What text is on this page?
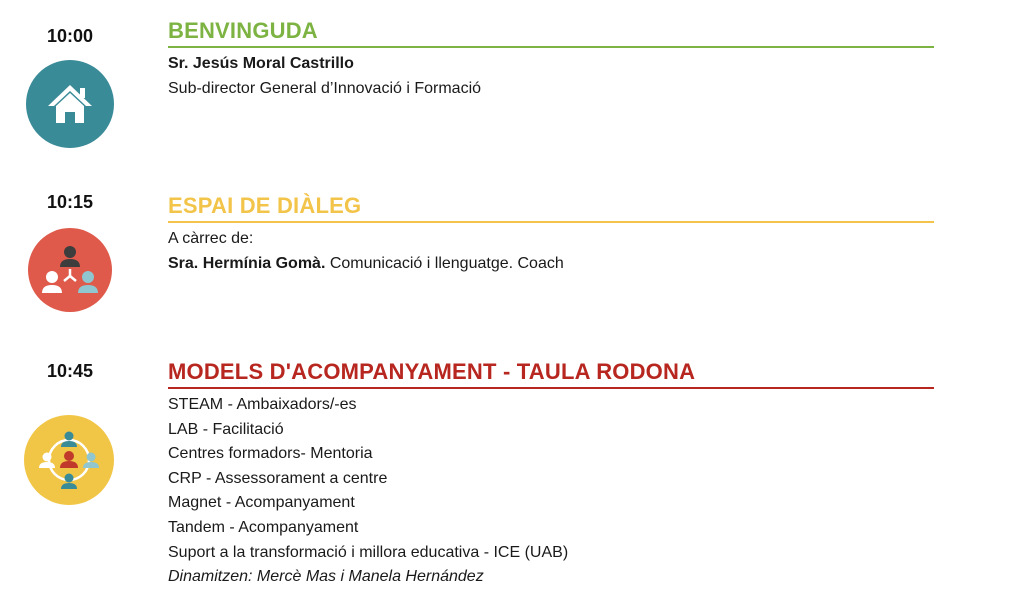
10:00	BENVINGUDA
Sr. Jesús Moral Castrillo
Sub-director General d’Innovació i Formació
10:15	ESPAI DE DIÀLEG
A càrrec de:
Sra. Hermínia Gomà. Comunicació i llenguatge. Coach
10:45	MODELS D'ACOMPANYAMENT - TAULA RODONA
STEAM - Ambaixadors/-es
LAB - Facilitació
Centres formadors- Mentoria
CRP - Assessorament a centre
Magnet - Acompanyament
Tandem - Acompanyament
Suport a la transformació i millora educativa - ICE (UAB)
Dinamitzen: Mercè Mas i Manela Hernández
